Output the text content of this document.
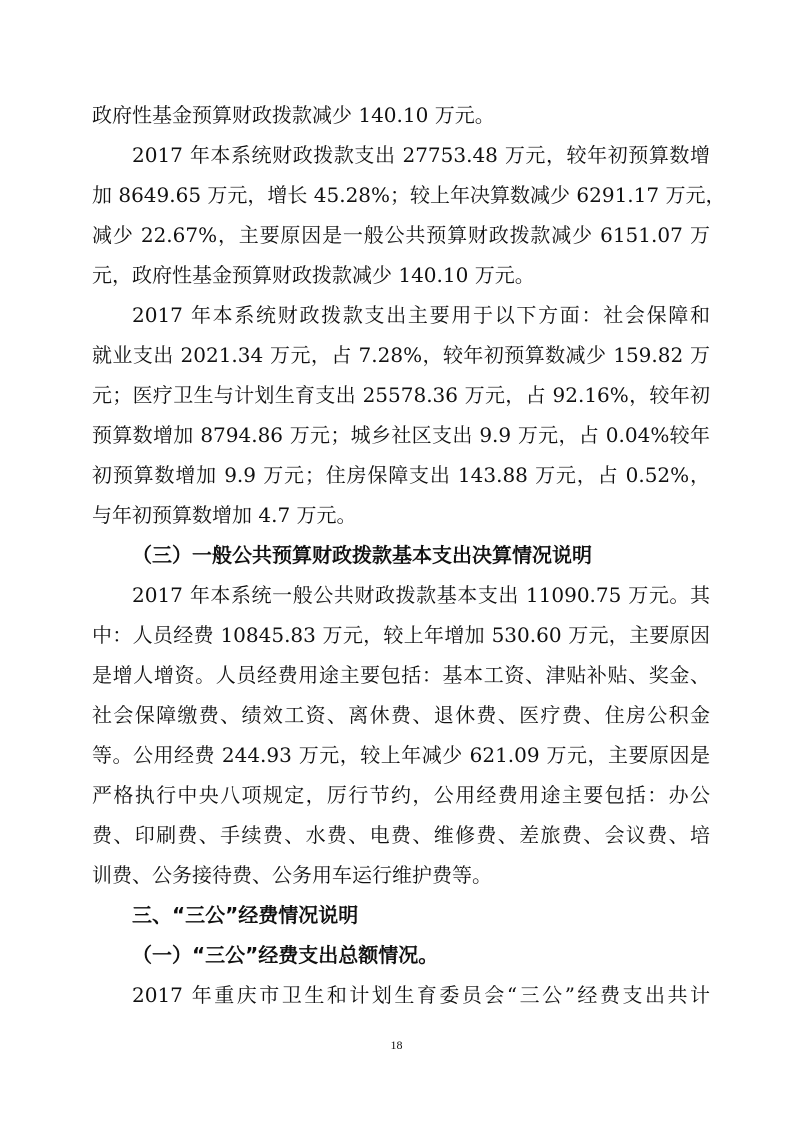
政府性基金预算财政拨款减少 140.10 万元。
2017 年本系统财政拨款支出 27753.48 万元，较年初预算数增
加 8649.65 万元，增长 45.28%；较上年决算数减少 6291.17 万元，
减少 22.67%，主要原因是一般公共预算财政拨款减少 6151.07 万
元，政府性基金预算财政拨款减少 140.10 万元。
2017 年本系统财政拨款支出主要用于以下方面：社会保障和
就业支出 2021.34 万元，占 7.28%，较年初预算数减少 159.82 万
元；医疗卫生与计划生育支出 25578.36 万元，占 92.16%，较年初
预算数增加 8794.86 万元；城乡社区支出 9.9 万元，占 0.04%较年
初预算数增加 9.9 万元；住房保障支出 143.88 万元，占 0.52%，
与年初预算数增加 4.7 万元。
（三）一般公共预算财政拨款基本支出决算情况说明
2017 年本系统一般公共财政拨款基本支出 11090.75 万元。其
中：人员经费 10845.83 万元，较上年增加 530.60 万元，主要原因
是增人增资。人员经费用途主要包括：基本工资、津贴补贴、奖金、
社会保障缴费、绩效工资、离休费、退休费、医疗费、住房公积金
等。公用经费 244.93 万元，较上年减少 621.09 万元，主要原因是
严格执行中央八项规定，厉行节约，公用经费用途主要包括：办公
费、印刷费、手续费、水费、电费、维修费、差旅费、会议费、培
训费、公务接待费、公务用车运行维护费等。
三、“三公”经费情况说明
（一）“三公”经费支出总额情况。
2017 年重庆市卫生和计划生育委员会“三公”经费支出共计
18
